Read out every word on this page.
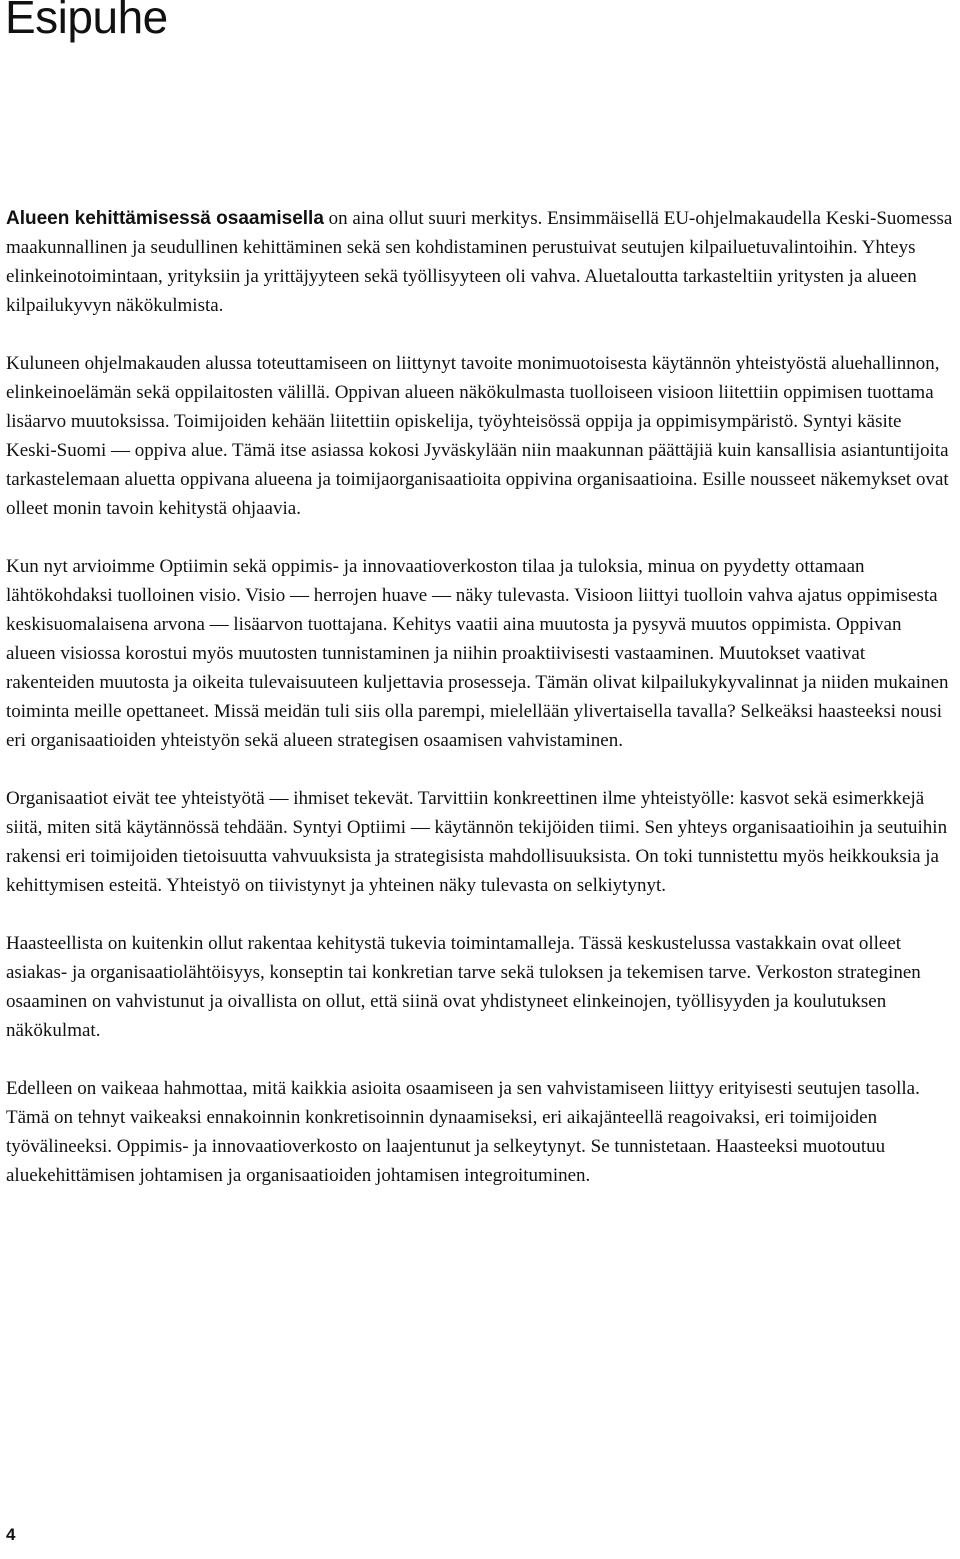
Esipuhe

Alueen kehittämisessä osaamisella on aina ollut suuri merkitys. Ensimmäisellä EU-ohjelmakaudella Keski-Suomessa maakunnallinen ja seudullinen kehittäminen sekä sen kohdistaminen perustuivat seutujen kilpailuetuvalintoihin. Yhteys elinkeinotoimintaan, yrityksiin ja yrittäjyyteen sekä työllisyyteen oli vahva. Aluetaloutta tarkasteltiin yritysten ja alueen kilpailukyvyn näkökulmista.

Kuluneen ohjelmakauden alussa toteuttamiseen on liittynyt tavoite monimuotoisesta käytännön yhteistyöstä aluehallinnon, elinkeinoelämän sekä oppilaitosten välillä. Oppivan alueen näkökulmasta tuolloiseen visioon liitettiin oppimisen tuottama lisäarvo muutoksissa. Toimijoiden kehään liitettiin opiskelija, työyhteisössä oppija ja oppimisympäristö. Syntyi käsite Keski-Suomi — oppiva alue. Tämä itse asiassa kokosi Jyväskylään niin maakunnan päättäjiä kuin kansallisia asiantuntijoita tarkastelemaan aluetta oppivana alueena ja toimijaorganisaatioita oppivina organisaatioina. Esille nousseet näkemykset ovat olleet monin tavoin kehitystä ohjaavia.

Kun nyt arvioimme Optiimin sekä oppimis- ja innovaatioverkoston tilaa ja tuloksia, minua on pyydetty ottamaan lähtökohdaksi tuolloinen visio. Visio — herrojen huave — näky tulevasta. Visioon liittyi tuolloin vahva ajatus oppimisesta keskisuomalaisena arvona — lisäarvon tuottajana. Kehitys vaatii aina muutosta ja pysyvä muutos oppimista. Oppivan alueen visiossa korostui myös muutosten tunnistaminen ja niihin proaktiivisesti vastaaminen. Muutokset vaativat rakenteiden muutosta ja oikeita tulevaisuuteen kuljettavia prosesseja. Tämän olivat kilpailukykyvalinnat ja niiden mukainen toiminta meille opettaneet. Missä meidän tuli siis olla parempi, mielellään ylivertaisella tavalla? Selkeäksi haasteeksi nousi eri organisaatioiden yhteistyön sekä alueen strategisen osaamisen vahvistaminen.

Organisaatiot eivät tee yhteistyötä — ihmiset tekevät. Tarvittiin konkreettinen ilme yhteistyölle: kasvot sekä esimerkkejä siitä, miten sitä käytännössä tehdään. Syntyi Optiimi — käytännön tekijöiden tiimi. Sen yhteys organisaatioihin ja seutuihin rakensi eri toimijoiden tietoisuutta vahvuuksista ja strategisista mahdollisuuksista. On toki tunnistettu myös heikkouksia ja kehittymisen esteitä. Yhteistyö on tiivistynyt ja yhteinen näky tulevasta on selkiytynyt.

Haasteellista on kuitenkin ollut rakentaa kehitystä tukevia toimintamalleja. Tässä keskustelussa vastakkain ovat olleet asiakas- ja organisaatiolähtöisyys, konseptin tai konkretian tarve sekä tuloksen ja tekemisen tarve. Verkoston strateginen osaaminen on vahvistunut ja oivallista on ollut, että siinä ovat yhdistyneet elinkeinojen, työllisyyden ja koulutuksen näkökulmat.

Edelleen on vaikeaa hahmottaa, mitä kaikkia asioita osaamiseen ja sen vahvistamiseen liittyy erityisesti seutujen tasolla. Tämä on tehnyt vaikeaksi ennakoinnin konkretisoinnin dynaamiseksi, eri aikajänteellä reagoivaksi, eri toimijoiden työvälineeksi. Oppimis- ja innovaatioverkosto on laajentunut ja selkeytynyt. Se tunnistetaan. Haasteeksi muotoutuu aluekehittämisen johtamisen ja organisaatioiden johtamisen integroituminen.

4
